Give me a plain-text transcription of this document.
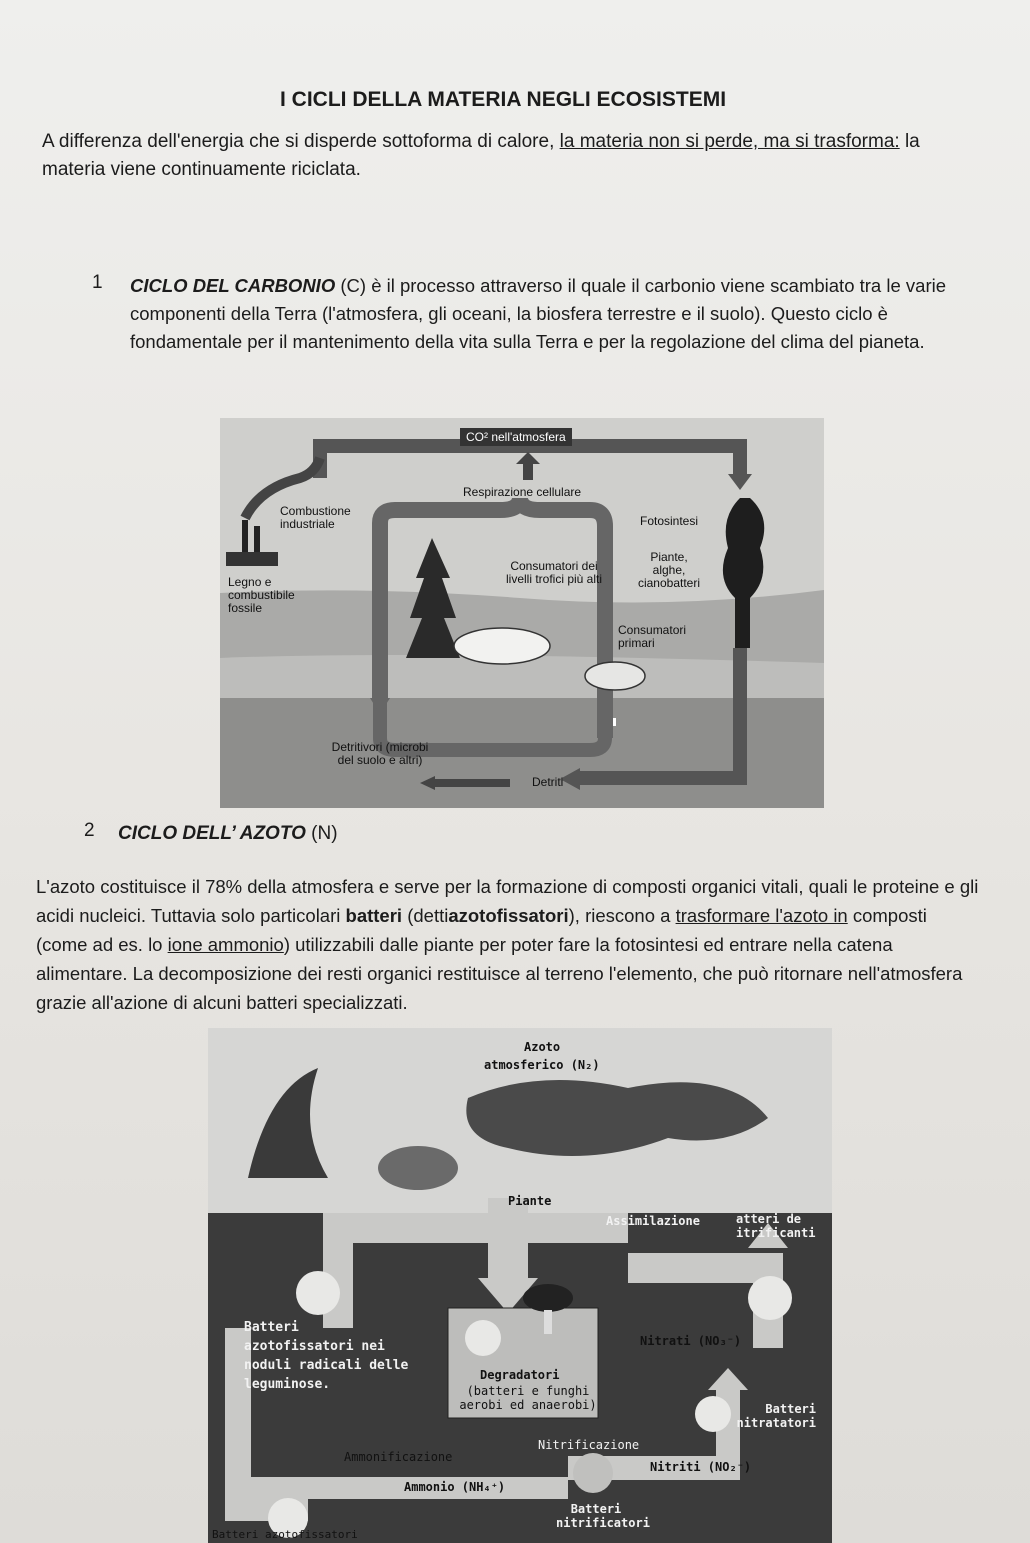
I CICLI DELLA MATERIA NEGLI ECOSISTEMI
A differenza dell'energia che si disperde sottoforma di calore, la materia non si perde, ma si trasforma: la materia viene continuamente riciclata.
1 CICLO DEL CARBONIO (C) è il processo attraverso il quale il carbonio viene scambiato tra le varie componenti della Terra (l'atmosfera, gli oceani, la biosfera terrestre e il suolo). Questo ciclo è fondamentale per il mantenimento della vita sulla Terra e per la regolazione del clima del pianeta.
CO² nell'atmosfera
Respirazione cellulare
Combustione industriale	Fotosintesi
Consumatori dei livelli trofici più alti
Piante, alghe, cianobatteri
Legno e combustibile fossile
Consumatori primari
Detritivori (microbi del suolo e altri)
Detriti
2 CICLO DELL’ AZOTO (N)
L'azoto costituisce il 78% della atmosfera e serve per la formazione di composti organici vitali, quali le proteine e gli acidi nucleici. Tuttavia solo particolari batteri (dettiazotofissatori), riescono a trasformare l'azoto in composti (come ad es. lo ione ammonio) utilizzabili dalle piante per poter fare la fotosintesi ed entrare nella catena alimentare. La decomposizione dei resti organici restituisce al terreno l'elemento, che può ritornare nell'atmosfera grazie all'azione di alcuni batteri specializzati.
Azoto
atmosferico (N₂)
Piante
Assimilazione	atteri de itrificanti
Batteri azotofissatori nei noduli radicali delle leguminose.
Nitrati (NO₃⁻)
Degradatori
(batteri e funghi aerobi ed anaerobi)	Batteri nitratatori
Ammonificazione
Nitrificazione
Ammonio (NH₄⁺)
Nitriti (NO₂⁻)
Batteri nitrificatori
Batteri azotofissatori
